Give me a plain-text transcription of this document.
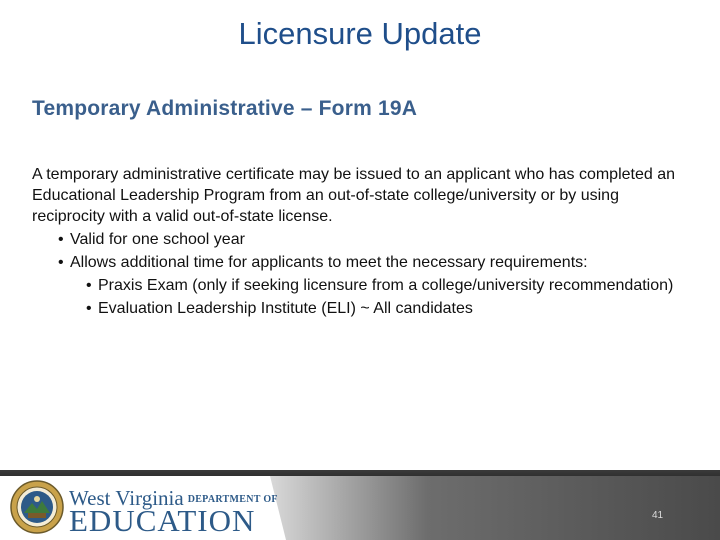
Licensure Update
Temporary Administrative – Form 19A
A temporary administrative certificate may be issued to an applicant who has completed an Educational Leadership Program from an out-of-state college/university or by using reciprocity with a valid out-of-state license.
• Valid for one school year
• Allows additional time for applicants to meet the necessary requirements:
• Praxis Exam (only if seeking licensure from a college/university recommendation)
• Evaluation Leadership Institute (ELI) ~ All candidates
West Virginia DEPARTMENT OF
EDUCATION	41
